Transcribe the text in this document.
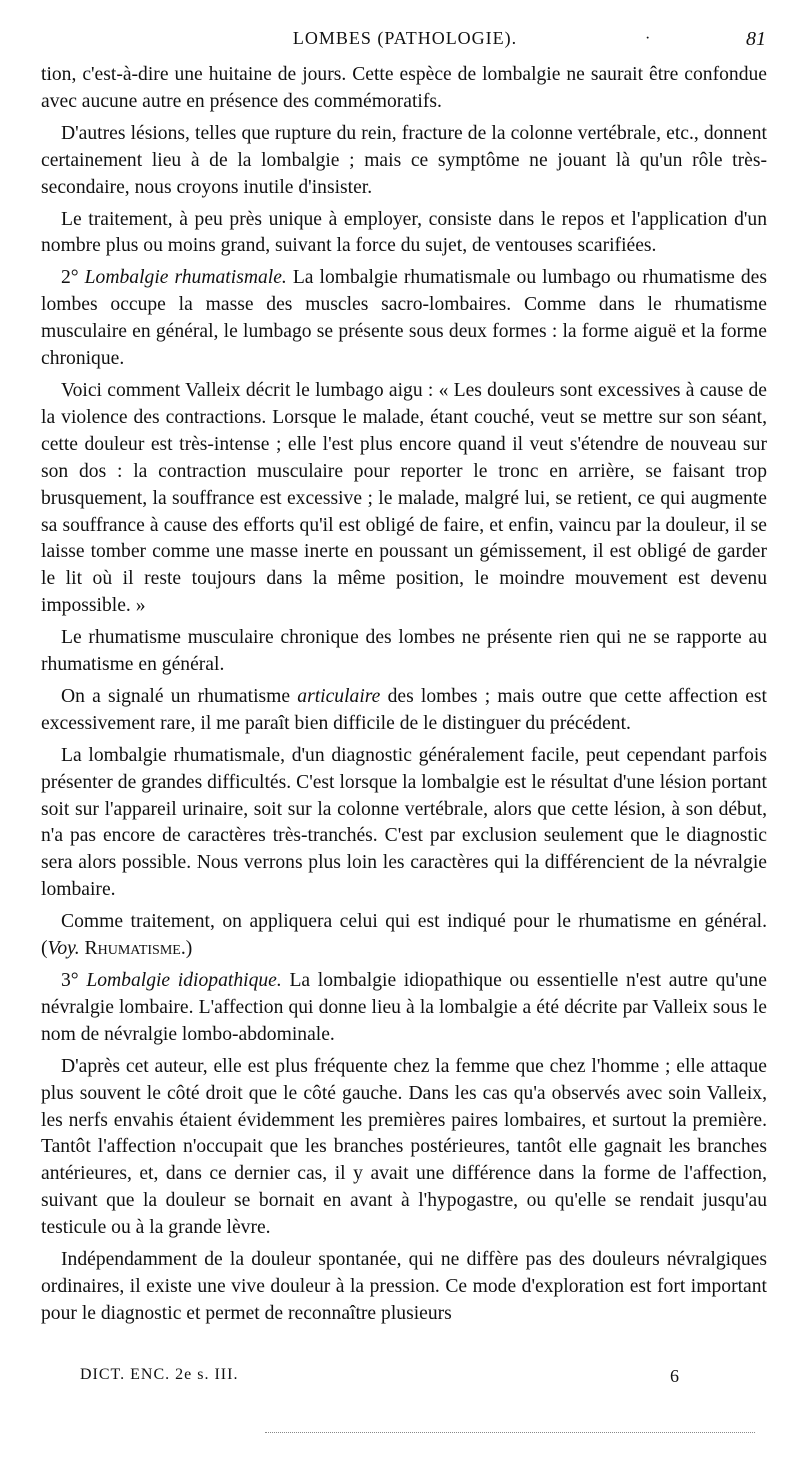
LOMBES (PATHOLOGIE).	·	81

tion, c'est-à-dire une huitaine de jours. Cette espèce de lombalgie ne saurait être confondue avec aucune autre en présence des commémoratifs.

D'autres lésions, telles que rupture du rein, fracture de la colonne vertébrale, etc., donnent certainement lieu à de la lombalgie ; mais ce symptôme ne jouant là qu'un rôle très-secondaire, nous croyons inutile d'insister.

Le traitement, à peu près unique à employer, consiste dans le repos et l'application d'un nombre plus ou moins grand, suivant la force du sujet, de ventouses scarifiées.

2° Lombalgie rhumatismale. La lombalgie rhumatismale ou lumbago ou rhumatisme des lombes occupe la masse des muscles sacro-lombaires. Comme dans le rhumatisme musculaire en général, le lumbago se présente sous deux formes : la forme aiguë et la forme chronique.

Voici comment Valleix décrit le lumbago aigu : « Les douleurs sont excessives à cause de la violence des contractions. Lorsque le malade, étant couché, veut se mettre sur son séant, cette douleur est très-intense ; elle l'est plus encore quand il veut s'étendre de nouveau sur son dos : la contraction musculaire pour reporter le tronc en arrière, se faisant trop brusquement, la souffrance est excessive ; le malade, malgré lui, se retient, ce qui augmente sa souffrance à cause des efforts qu'il est obligé de faire, et enfin, vaincu par la douleur, il se laisse tomber comme une masse inerte en poussant un gémissement, il est obligé de garder le lit où il reste toujours dans la même position, le moindre mouvement est devenu impossible. »

Le rhumatisme musculaire chronique des lombes ne présente rien qui ne se rapporte au rhumatisme en général.

On a signalé un rhumatisme articulaire des lombes ; mais outre que cette affection est excessivement rare, il me paraît bien difficile de le distinguer du précédent.

La lombalgie rhumatismale, d'un diagnostic généralement facile, peut cependant parfois présenter de grandes difficultés. C'est lorsque la lombalgie est le résultat d'une lésion portant soit sur l'appareil urinaire, soit sur la colonne vertébrale, alors que cette lésion, à son début, n'a pas encore de caractères très-tranchés. C'est par exclusion seulement que le diagnostic sera alors possible. Nous verrons plus loin les caractères qui la différencient de la névralgie lombaire.

Comme traitement, on appliquera celui qui est indiqué pour le rhumatisme en général. (Voy. Rhumatisme.)

3° Lombalgie idiopathique. La lombalgie idiopathique ou essentielle n'est autre qu'une névralgie lombaire. L'affection qui donne lieu à la lombalgie a été décrite par Valleix sous le nom de névralgie lombo-abdominale.

D'après cet auteur, elle est plus fréquente chez la femme que chez l'homme ; elle attaque plus souvent le côté droit que le côté gauche. Dans les cas qu'a observés avec soin Valleix, les nerfs envahis étaient évidemment les premières paires lombaires, et surtout la première. Tantôt l'affection n'occupait que les branches postérieures, tantôt elle gagnait les branches antérieures, et, dans ce dernier cas, il y avait une différence dans la forme de l'affection, suivant que la douleur se bornait en avant à l'hypogastre, ou qu'elle se rendait jusqu'au testicule ou à la grande lèvre.

Indépendamment de la douleur spontanée, qui ne diffère pas des douleurs névralgiques ordinaires, il existe une vive douleur à la pression. Ce mode d'exploration est fort important pour le diagnostic et permet de reconnaître plusieurs

DICT. ENC. 2e s. III.	6
